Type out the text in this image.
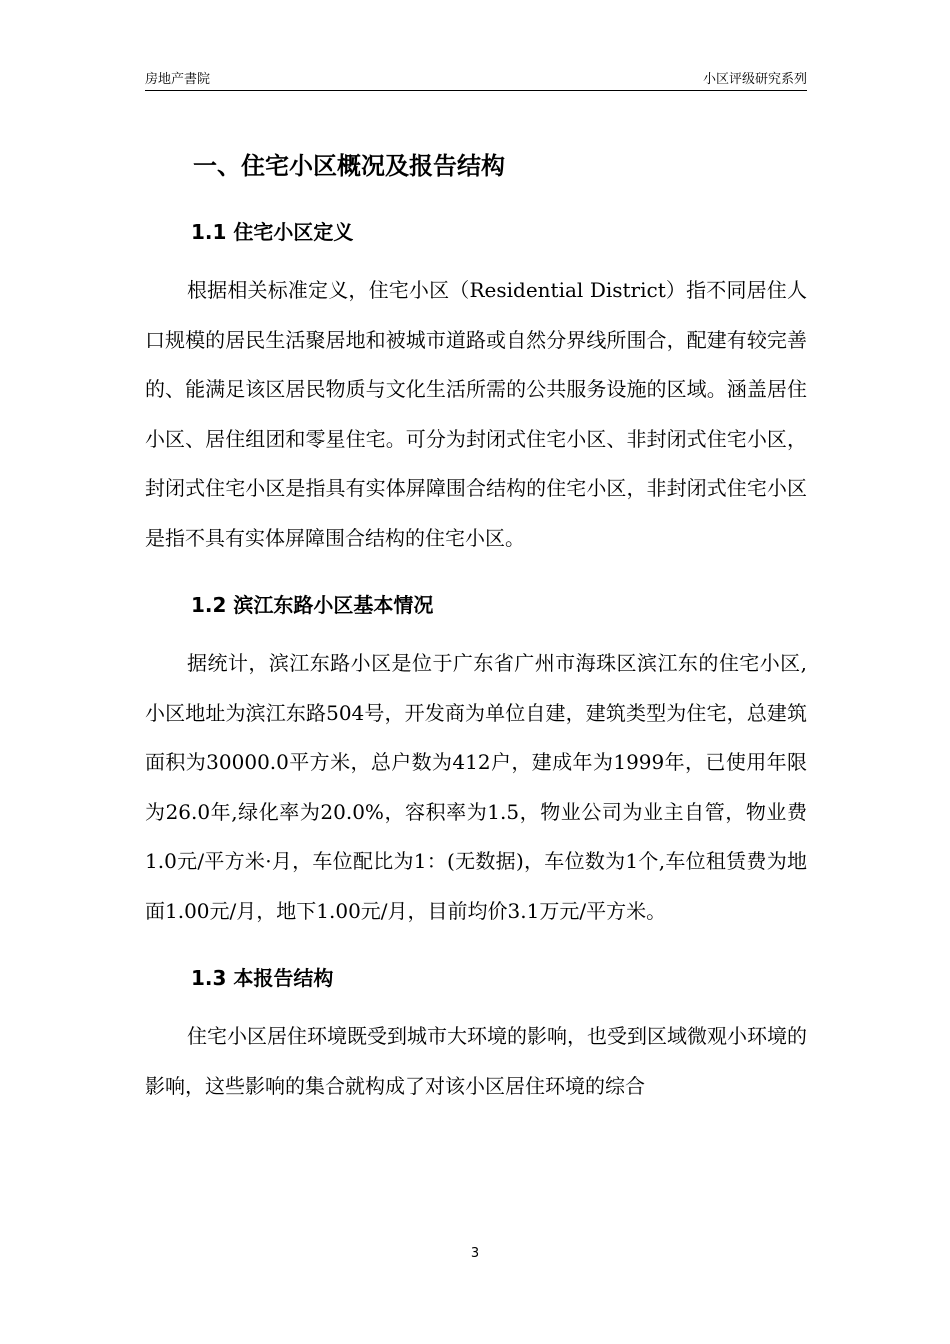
房地产書院	小区评级研究系列
一、住宅小区概况及报告结构
1.1 住宅小区定义

根据相关标准定义，住宅小区（Residential District）指不同居住人口规模的居民生活聚居地和被城市道路或自然分界线所围合，配建有较完善的、能满足该区居民物质与文化生活所需的公共服务设施的区域。涵盖居住小区、居住组团和零星住宅。可分为封闭式住宅小区、非封闭式住宅小区，封闭式住宅小区是指具有实体屏障围合结构的住宅小区，非封闭式住宅小区是指不具有实体屏障围合结构的住宅小区。

1.2 滨江东路小区基本情况

据统计，滨江东路小区是位于广东省广州市海珠区滨江东的住宅小区,小区地址为滨江东路504号，开发商为单位自建，建筑类型为住宅，总建筑面积为30000.0平方米，总户数为412户，建成年为1999年，已使用年限为26.0年,绿化率为20.0%，容积率为1.5，物业公司为业主自管，物业费1.0元/平方米·月，车位配比为1：(无数据)，车位数为1个,车位租赁费为地面1.00元/月，地下1.00元/月，目前均价3.1万元/平方米。

1.3 本报告结构

住宅小区居住环境既受到城市大环境的影响，也受到区域微观小环境的影响，这些影响的集合就构成了对该小区居住环境的综合

3
